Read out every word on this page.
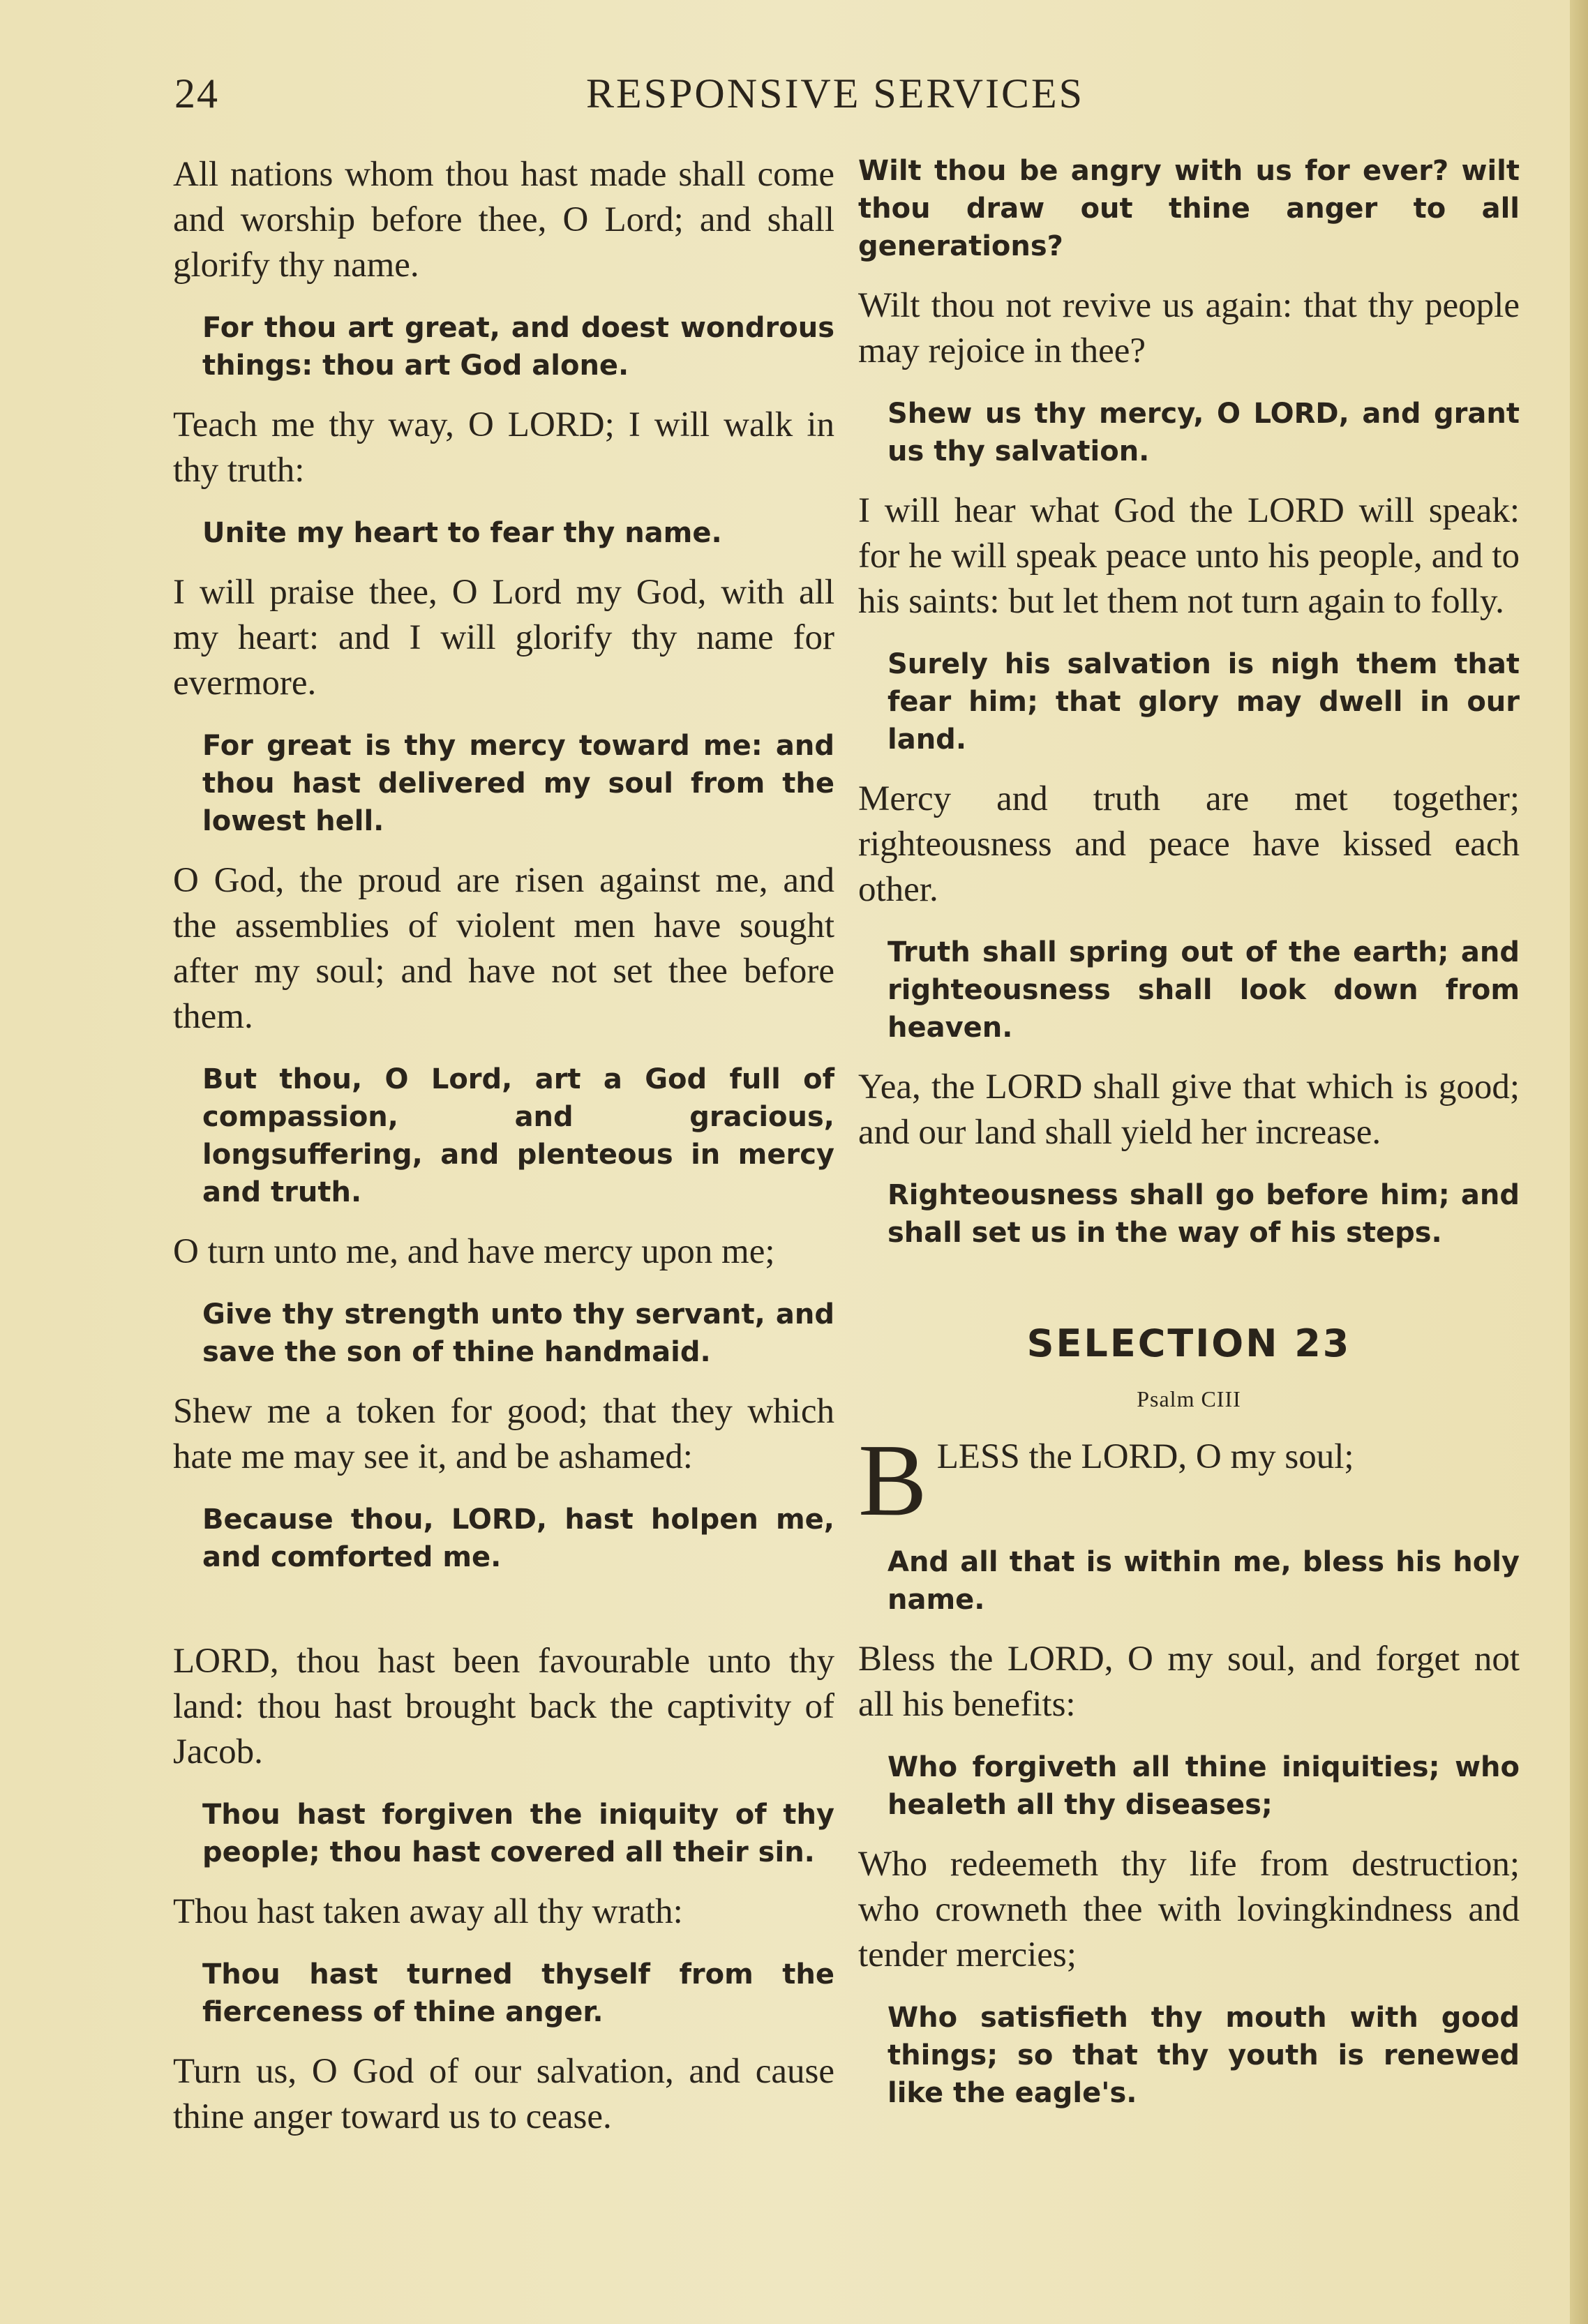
24	RESPONSIVE SERVICES

All nations whom thou hast made shall come and worship before thee, O Lord; and shall glorify thy name.

For thou art great, and doest wondrous things: thou art God alone.

Teach me thy way, O LORD; I will walk in thy truth:

Unite my heart to fear thy name.

I will praise thee, O Lord my God, with all my heart: and I will glorify thy name for evermore.

For great is thy mercy toward me: and thou hast delivered my soul from the lowest hell.

O God, the proud are risen against me, and the assemblies of violent men have sought after my soul; and have not set thee before them.

But thou, O Lord, art a God full of compassion, and gracious, longsuffering, and plenteous in mercy and truth.

O turn unto me, and have mercy upon me;

Give thy strength unto thy servant, and save the son of thine handmaid.

Shew me a token for good; that they which hate me may see it, and be ashamed:

Because thou, LORD, hast holpen me, and comforted me.

LORD, thou hast been favourable unto thy land: thou hast brought back the captivity of Jacob.

Thou hast forgiven the iniquity of thy people; thou hast covered all their sin.

Thou hast taken away all thy wrath:

Thou hast turned thyself from the fierceness of thine anger.

Turn us, O God of our salvation, and cause thine anger toward us to cease.

Wilt thou be angry with us for ever? wilt thou draw out thine anger to all generations?

Wilt thou not revive us again: that thy people may rejoice in thee?

Shew us thy mercy, O LORD, and grant us thy salvation.

I will hear what God the LORD will speak: for he will speak peace unto his people, and to his saints: but let them not turn again to folly.

Surely his salvation is nigh them that fear him; that glory may dwell in our land.

Mercy and truth are met together; righteousness and peace have kissed each other.

Truth shall spring out of the earth; and righteousness shall look down from heaven.

Yea, the LORD shall give that which is good; and our land shall yield her increase.

Righteousness shall go before him; and shall set us in the way of his steps.

SELECTION 23
Psalm CIII
B LESS the LORD, O my soul;

And all that is within me, bless his holy name.

Bless the LORD, O my soul, and forget not all his benefits:

Who forgiveth all thine iniquities; who healeth all thy diseases;

Who redeemeth thy life from destruction; who crowneth thee with lovingkindness and tender mercies;

Who satisfieth thy mouth with good things; so that thy youth is renewed like the eagle's.
